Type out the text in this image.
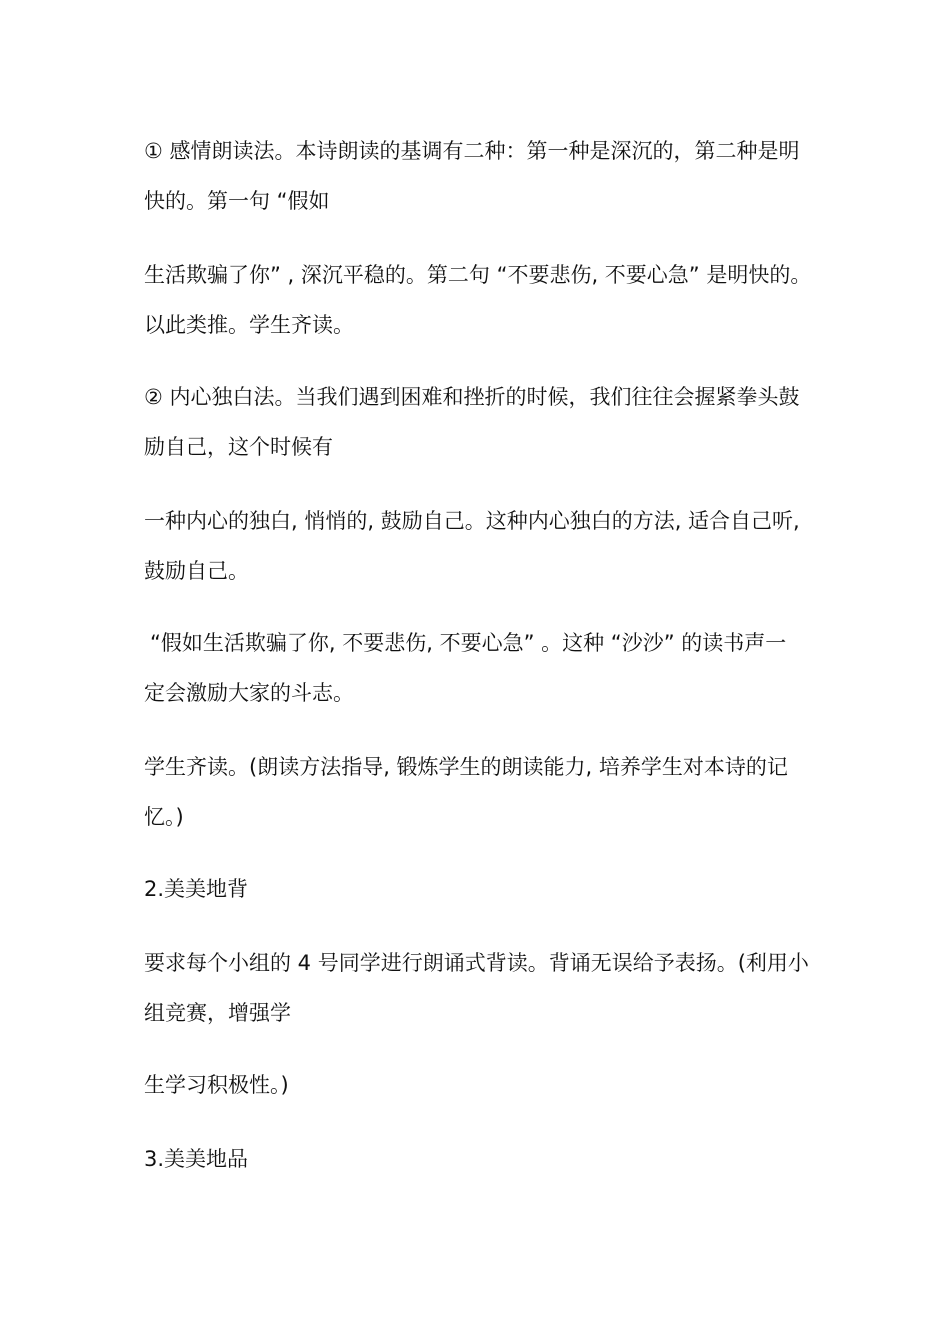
① 感情朗读法。本诗朗读的基调有二种：第一种是深沉的，第二种是明
快的。第一句 “假如
生活欺骗了你” , 深沉平稳的。第二句 “不要悲伤, 不要心急” 是明快的。
以此类推。学生齐读。
② 内心独白法。当我们遇到困难和挫折的时候，我们往往会握紧拳头鼓
励自己，这个时候有
一种内心的独白, 悄悄的, 鼓励自己。这种内心独白的方法, 适合自己听,
鼓励自己。
“假如生活欺骗了你, 不要悲伤, 不要心急” 。这种 “沙沙” 的读书声一
定会激励大家的斗志。
学生齐读。(朗读方法指导, 锻炼学生的朗读能力, 培养学生对本诗的记
忆。)
2.美美地背
要求每个小组的 4 号同学进行朗诵式背读。背诵无误给予表扬。(利用小
组竞赛，增强学
生学习积极性。)
3.美美地品
